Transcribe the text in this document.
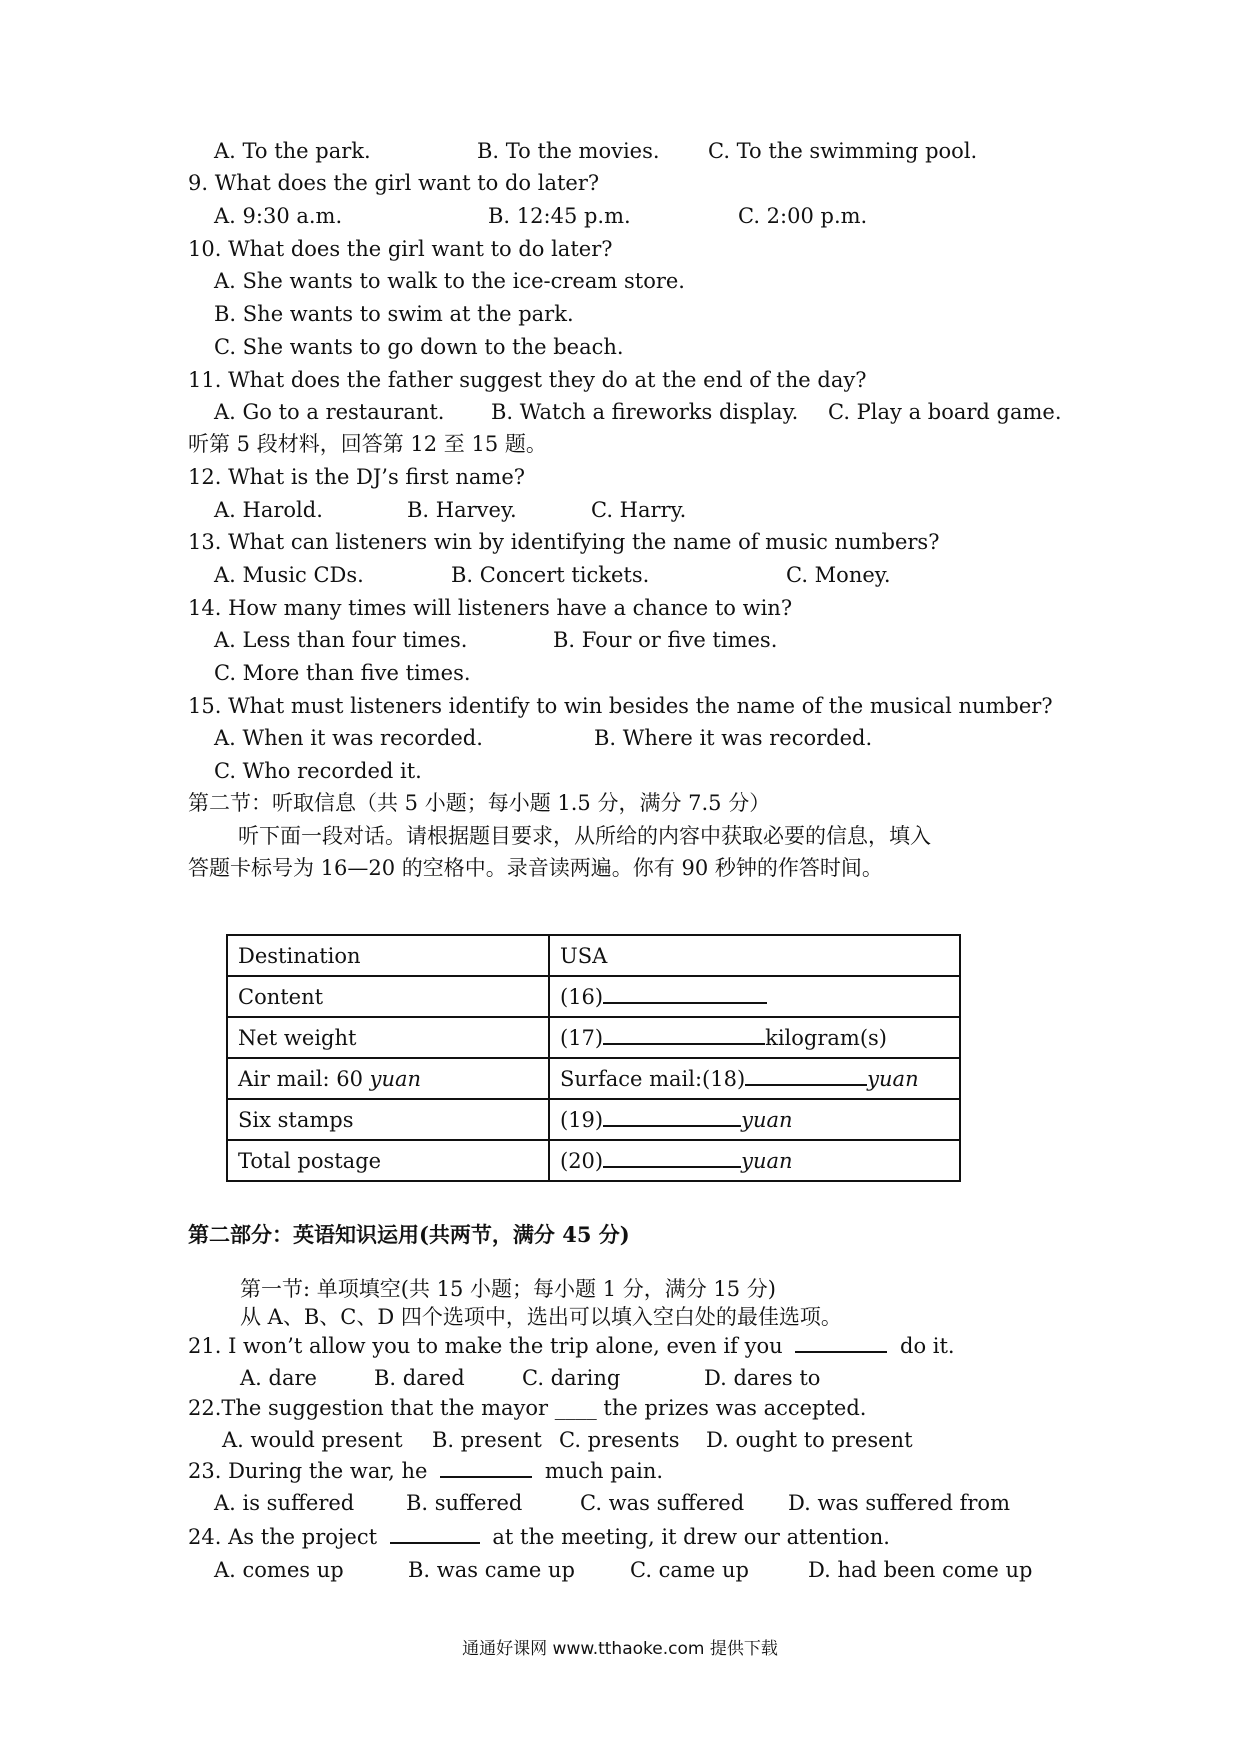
A. To the park.	B. To the movies. C. To the swimming pool.
9. What does the girl want to do later?
A. 9:30 a.m.	B. 12:45 p.m.	C. 2:00 p.m.
10. What does the girl want to do later?
A. She wants to walk to the ice-cream store.
B. She wants to swim at the park.
C. She wants to go down to the beach.
11. What does the father suggest they do at the end of the day?
A. Go to a restaurant. B. Watch a fireworks display. C. Play a board game.
听第 5 段材料，回答第 12 至 15 题。
12. What is the DJ’s first name?
A. Harold.	B. Harvey.	C. Harry.
13. What can listeners win by identifying the name of music numbers?
A. Music CDs.	B. Concert tickets.	C. Money.
14. How many times will listeners have a chance to win?
A. Less than four times.	B. Four or five times.
C. More than five times.
15. What must listeners identify to win besides the name of the musical number?
A. When it was recorded.	B. Where it was recorded.
C. Who recorded it.
第二节：听取信息（共 5 小题；每小题 1.5 分，满分 7.5 分）
听下面一段对话。请根据题目要求，从所给的内容中获取必要的信息，填入
答题卡标号为 16—20 的空格中。录音读两遍。你有 90 秒钟的作答时间。
Destination	USA
Content	(16)
Net weight	(17) kilogram(s)
Air mail: 60 yuan	Surface mail:(18) yuan
Six stamps	(19) yuan
Total postage	(20) yuan
第二部分：英语知识运用(共两节，满分 45 分)
第一节: 单项填空(共 15 小题；每小题 1 分，满分 15 分)
从 A、B、C、D 四个选项中，选出可以填入空白处的最佳选项。
21. I won’t allow you to make the trip alone, even if you	do it.
A. dare	B. dared	C. daring	D. dares to
22.The suggestion that the mayor ____ the prizes was accepted.
A. would present B. present C. presents D. ought to present
23. During the war, he	much pain.
A. is suffered B. suffered	C. was suffered D. was suffered from
24. As the project	at the meeting, it drew our attention.
A. comes up	B. was came up	C. came up	D. had been come up
通通好课网 www.tthaoke.com 提供下载
